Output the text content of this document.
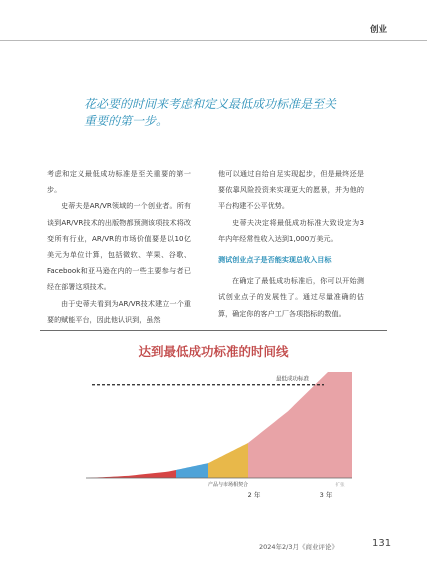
创业
花必要的时间来考虑和定义最低成功标准是至关重要的第一步。

考虑和定义最低成功标准是至关重要的第一步。

史蒂夫是AR/VR领域的一个创业者。所有谈到AR/VR技术的出版物都预测该项技术将改变所有行业，AR/VR的市场价值要是以10亿美元为单位计算，包括微软、苹果、谷歌、Facebook和亚马逊在内的一些主要参与者已经在部署这项技术。

由于史蒂夫看到为AR/VR技术建立一个重要的赋能平台，因此他认识到，虽然

他可以通过自给自足实现起步，但是最终还是要依靠风险投资来实现更大的愿景，并为他的平台构建不公平优势。

史蒂夫决定将最低成功标准大致设定为3年内年经常性收入达到1,000万美元。

测试创业点子是否能实现总收入目标

在确定了最低成功标准后，你可以开始测试创业点子的发展性了。通过尽量准确的估算，确定你的客户工厂各项指标的数值。

达到最低成功标准的时间线
最低成功标准
产品与市场相契合
2 年	3 年
扩张
2024年2/3月《商业评论》	131
